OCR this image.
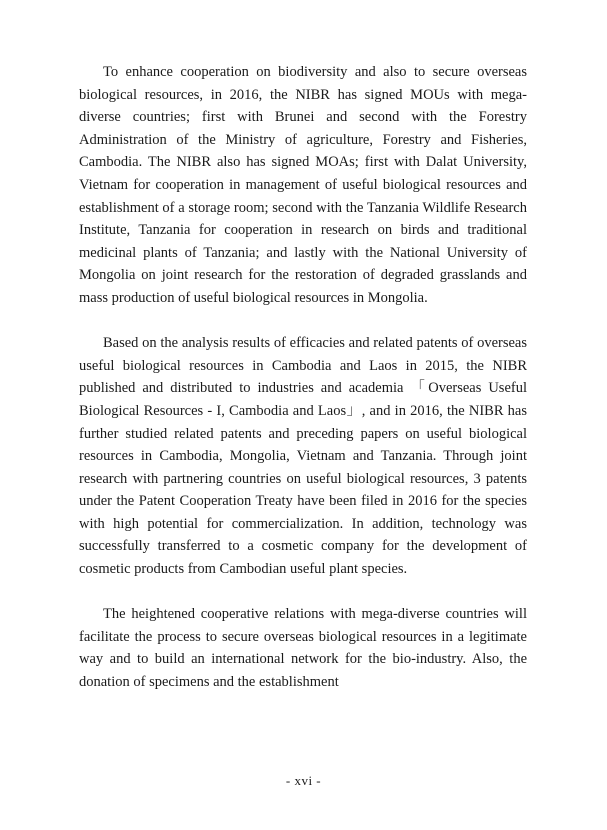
To enhance cooperation on biodiversity and also to secure overseas biological resources, in 2016, the NIBR has signed MOUs with mega-diverse countries; first with Brunei and second with the Forestry Administration of the Ministry of agriculture, Forestry and Fisheries, Cambodia. The NIBR also has signed MOAs; first with Dalat University, Vietnam for cooperation in management of useful biological resources and establishment of a storage room; second with the Tanzania Wildlife Research Institute, Tanzania for cooperation in research on birds and traditional medicinal plants of Tanzania; and lastly with the National University of Mongolia on joint research for the restoration of degraded grasslands and mass production of useful biological resources in Mongolia.

Based on the analysis results of efficacies and related patents of overseas useful biological resources in Cambodia and Laos in 2015, the NIBR published and distributed to industries and academia 「Overseas Useful Biological Resources - I, Cambodia and Laos」, and in 2016, the NIBR has further studied related patents and preceding papers on useful biological resources in Cambodia, Mongolia, Vietnam and Tanzania. Through joint research with partnering countries on useful biological resources, 3 patents under the Patent Cooperation Treaty have been filed in 2016 for the species with high potential for commercialization. In addition, technology was successfully transferred to a cosmetic company for the development of cosmetic products from Cambodian useful plant species.

The heightened cooperative relations with mega-diverse countries will facilitate the process to secure overseas biological resources in a legitimate way and to build an international network for the bio-industry. Also, the donation of specimens and the establishment

- xvi -
